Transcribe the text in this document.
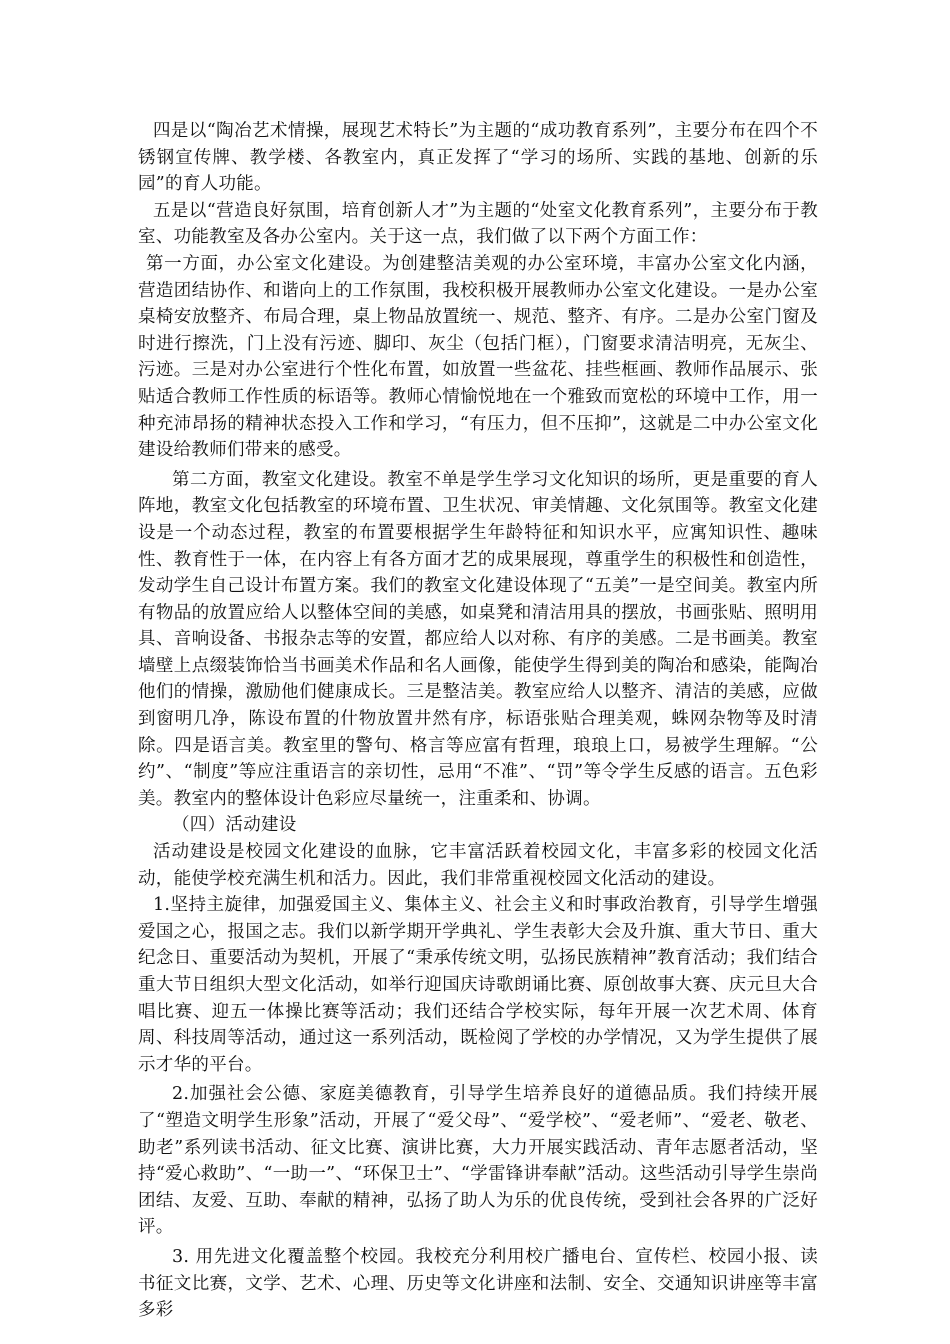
四是以“陶冶艺术情操，展现艺术特长”为主题的“成功教育系列”，主要分布在四个不锈钢宣传牌、教学楼、各教室内，真正发挥了“学习的场所、实践的基地、创新的乐园”的育人功能。

五是以“营造良好氛围，培育创新人才”为主题的“处室文化教育系列”，主要分布于教室、功能教室及各办公室内。关于这一点，我们做了以下两个方面工作：

第一方面，办公室文化建设。为创建整洁美观的办公室环境，丰富办公室文化内涵，营造团结协作、和谐向上的工作氛围，我校积极开展教师办公室文化建设。一是办公室桌椅安放整齐、布局合理，桌上物品放置统一、规范、整齐、有序。二是办公室门窗及时进行擦洗，门上没有污迹、脚印、灰尘（包括门框），门窗要求清洁明亮，无灰尘、污迹。三是对办公室进行个性化布置，如放置一些盆花、挂些框画、教师作品展示、张贴适合教师工作性质的标语等。教师心情愉悦地在一个雅致而宽松的环境中工作，用一种充沛昂扬的精神状态投入工作和学习，“有压力，但不压抑”，这就是二中办公室文化建设给教师们带来的感受。

第二方面，教室文化建设。教室不单是学生学习文化知识的场所，更是重要的育人阵地，教室文化包括教室的环境布置、卫生状况、审美情趣、文化氛围等。教室文化建设是一个动态过程，教室的布置要根据学生年龄特征和知识水平，应寓知识性、趣味性、教育性于一体，在内容上有各方面才艺的成果展现，尊重学生的积极性和创造性，发动学生自己设计布置方案。我们的教室文化建设体现了“五美”一是空间美。教室内所有物品的放置应给人以整体空间的美感，如桌凳和清洁用具的摆放，书画张贴、照明用具、音响设备、书报杂志等的安置，都应给人以对称、有序的美感。二是书画美。教室墙壁上点缀装饰恰当书画美术作品和名人画像，能使学生得到美的陶冶和感染，能陶冶他们的情操，激励他们健康成长。三是整洁美。教室应给人以整齐、清洁的美感，应做到窗明几净，陈设布置的什物放置井然有序，标语张贴合理美观，蛛网杂物等及时清除。四是语言美。教室里的警句、格言等应富有哲理，琅琅上口，易被学生理解。“公约”、“制度”等应注重语言的亲切性，忌用“不准”、“罚”等令学生反感的语言。五色彩美。教室内的整体设计色彩应尽量统一，注重柔和、协调。

（四）活动建设

活动建设是校园文化建设的血脉，它丰富活跃着校园文化，丰富多彩的校园文化活动，能使学校充满生机和活力。因此，我们非常重视校园文化活动的建设。

1.坚持主旋律，加强爱国主义、集体主义、社会主义和时事政治教育，引导学生增强爱国之心，报国之志。我们以新学期开学典礼、学生表彰大会及升旗、重大节日、重大纪念日、重要活动为契机，开展了“秉承传统文明，弘扬民族精神”教育活动；我们结合重大节日组织大型文化活动，如举行迎国庆诗歌朗诵比赛、原创故事大赛、庆元旦大合唱比赛、迎五一体操比赛等活动；我们还结合学校实际，每年开展一次艺术周、体育周、科技周等活动，通过这一系列活动，既检阅了学校的办学情况，又为学生提供了展示才华的平台。

2.加强社会公德、家庭美德教育，引导学生培养良好的道德品质。我们持续开展了“塑造文明学生形象”活动，开展了“爱父母”、“爱学校”、“爱老师”、“爱老、敬老、助老”系列读书活动、征文比赛、演讲比赛，大力开展实践活动、青年志愿者活动，坚持“爱心救助”、“一助一”、“环保卫士”、“学雷锋讲奉献”活动。这些活动引导学生崇尚团结、友爱、互助、奉献的精神，弘扬了助人为乐的优良传统，受到社会各界的广泛好评。

3. 用先进文化覆盖整个校园。我校充分利用校广播电台、宣传栏、校园小报、读书征文比赛，文学、艺术、心理、历史等文化讲座和法制、安全、交通知识讲座等丰富多彩
